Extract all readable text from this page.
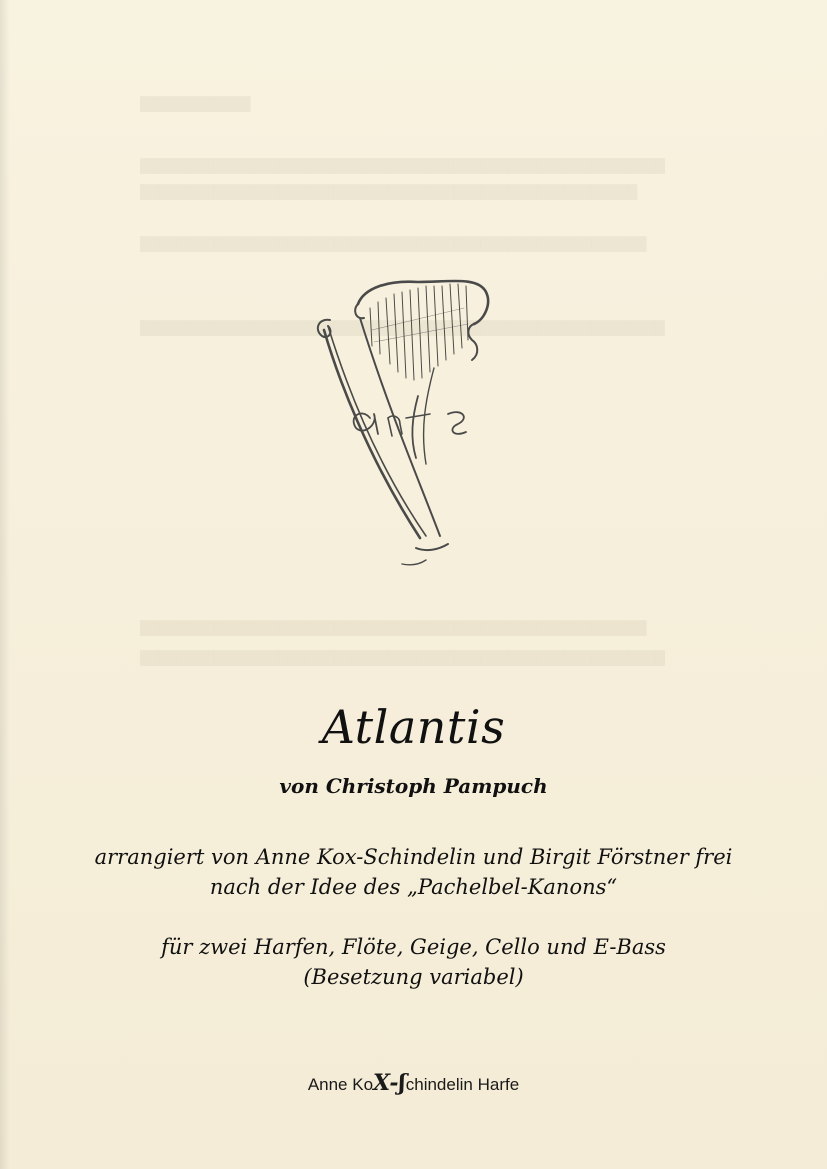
████████████
█████████████████████████████████████████████████████████
██████████████████████████████████████████████████████
███████████████████████████████████████████████████████
█████████████████████████████████████████████████████████
███████████████████████████████████████████████████████
█████████████████████████████████████████████████████████
Atlantis
von Christoph Pampuch
arrangiert von Anne Kox-Schindelin und Birgit Förstner frei
nach der Idee des „Pachelbel-Kanons“
für zwei Harfen, Flöte, Geige, Cello und E-Bass
(Besetzung variabel)
Anne KoX-ʃchindelin Harfe
